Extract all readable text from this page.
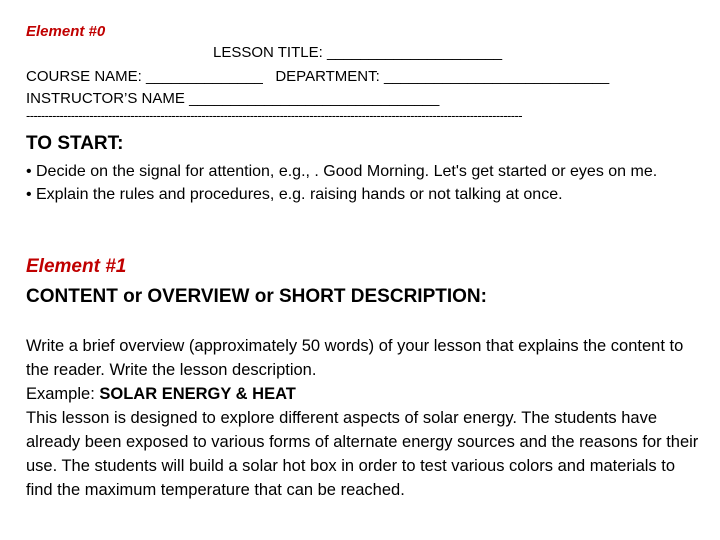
Element #0
LESSON TITLE: _____________________
COURSE NAME: ______________ DEPARTMENT: ___________________________
INSTRUCTOR’S NAME ______________________________
-------------------------------------------------------------------------------------------------------------------------------------
TO START:
• Decide on the signal for attention, e.g., . Good Morning. Let's get started or eyes on me.
• Explain the rules and procedures, e.g. raising hands or not talking at once.
Element #1
CONTENT or OVERVIEW or SHORT DESCRIPTION:

Write a brief overview (approximately 50 words) of your lesson that explains the content to the reader. Write the lesson description.

Example: SOLAR ENERGY & HEAT

This lesson is designed to explore different aspects of solar energy. The students have already been exposed to various forms of alternate energy sources and the reasons for their use. The students will build a solar hot box in order to test various colors and materials to find the maximum temperature that can be reached.
